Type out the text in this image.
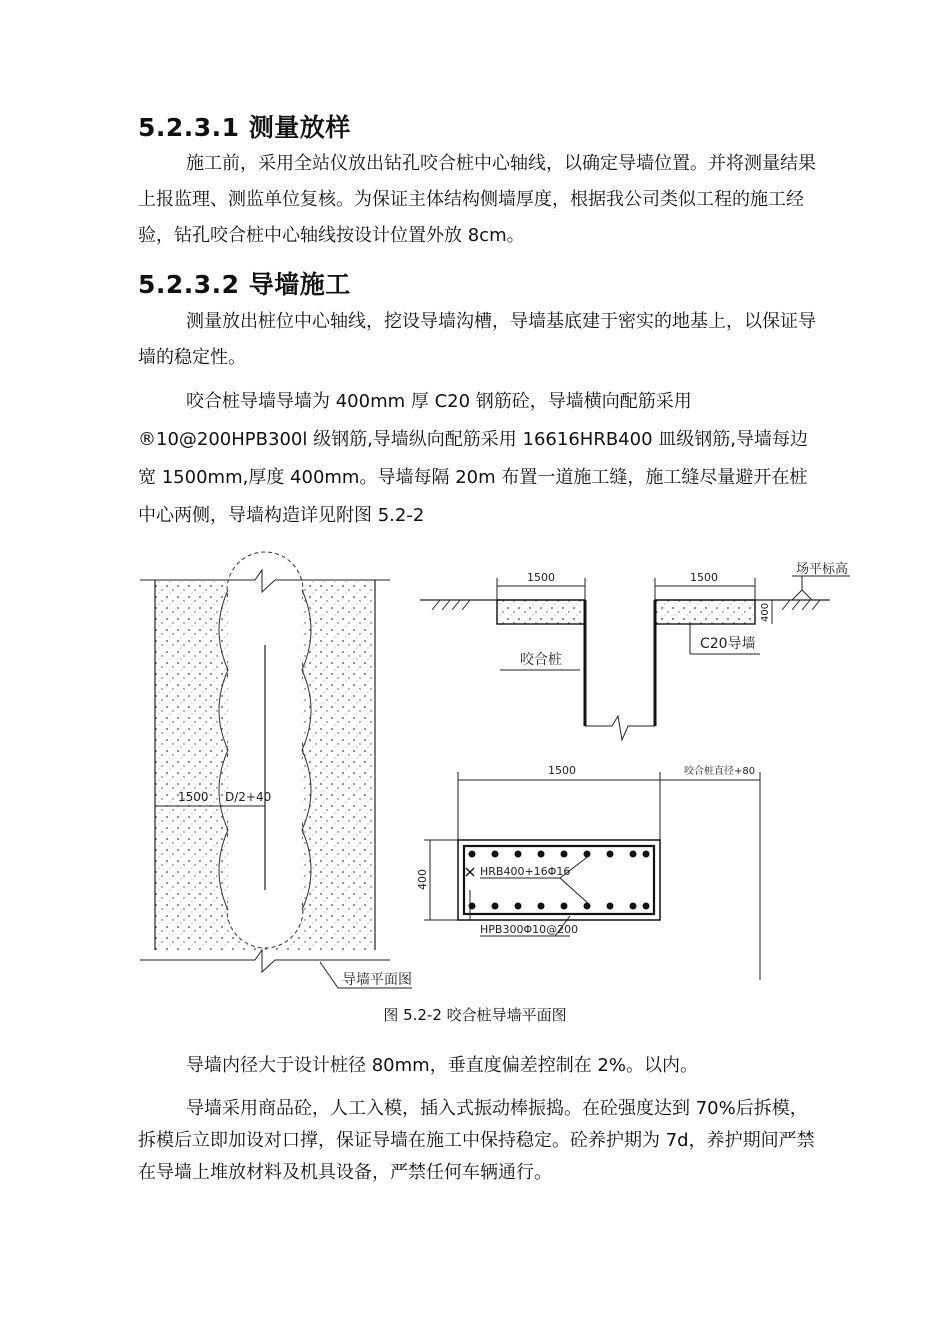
5.2.3.1 测量放样

施工前，采用全站仪放出钻孔咬合桩中心轴线，以确定导墙位置。并将测量结果上报监理、测监单位复核。为保证主体结构侧墙厚度，根据我公司类似工程的施工经验，钻孔咬合桩中心轴线按设计位置外放 8cm。

5.2.3.2 导墙施工

测量放出桩位中心轴线，挖设导墙沟槽，导墙基底建于密实的地基上，以保证导墙的稳定性。

咬合桩导墙导墙为 400mm 厚 C20 钢筋砼，导墙横向配筋采用 ®10@200HPB300l 级钢筋,导墙纵向配筋采用 16616HRB400 皿级钢筋,导墙每边宽 1500mm,厚度 400mm。导墙每隔 20m 布置一道施工缝，施工缝尽量避开在桩中心两侧，导墙构造详见附图 5.2-2

1500 D/2+40
导墙平面图
场平标高
1500	1500
400
咬合桩
C20导墙
1500	咬合桩直径+80
400	HRB400+16Φ16
HPB300Φ10@200
图 5.2-2 咬合桩导墙平面图

导墙内径大于设计桩径 80mm，垂直度偏差控制在 2%。以内。

导墙采用商品砼，人工入模，插入式振动棒振捣。在砼强度达到 70%后拆模，拆模后立即加设对口撑，保证导墙在施工中保持稳定。砼养护期为 7d，养护期间严禁在导墙上堆放材料及机具设备，严禁任何车辆通行。
